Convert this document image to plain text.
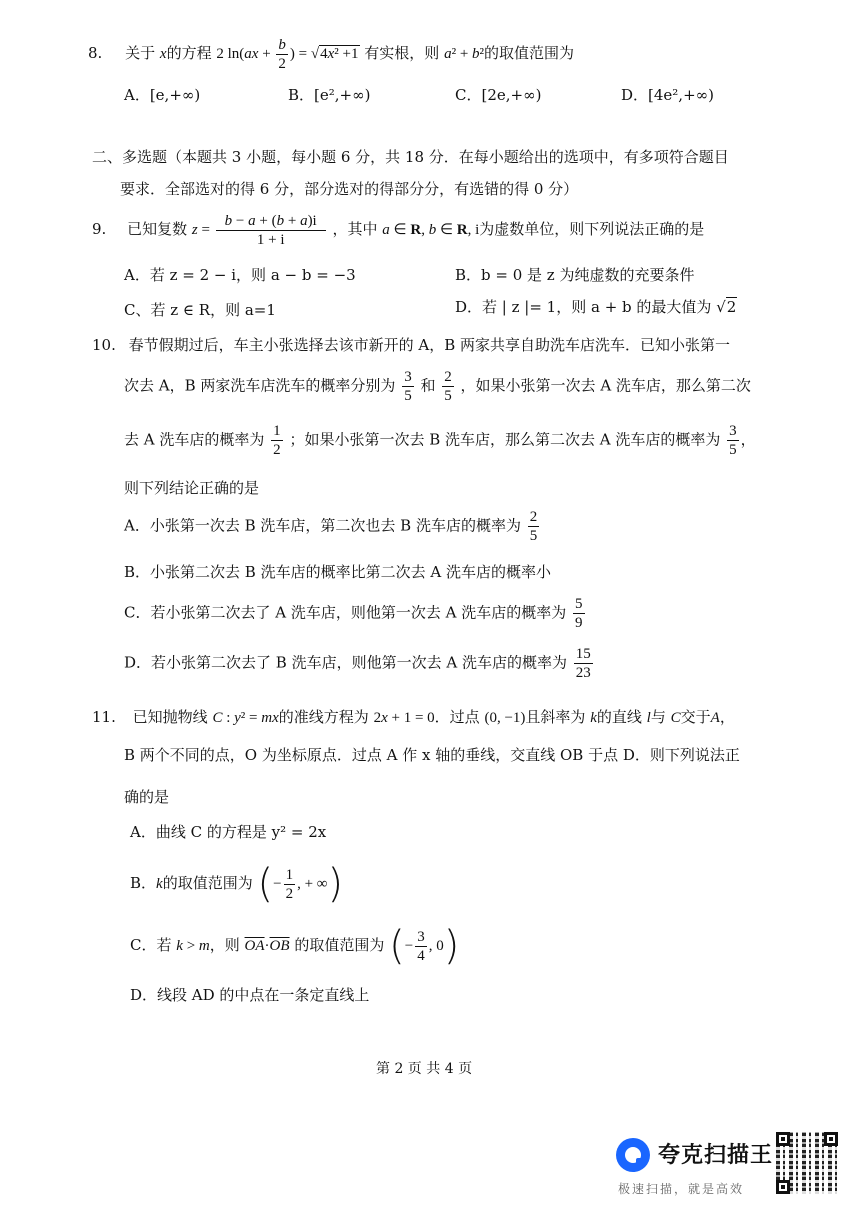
8. 关于 x的方程 2 $\ln(ax + \frac{b}{2}$ ) = √4x² +1 有实根，则 a² + b²的取值范围为
A．[e,+∞)	B．[e²,+∞)	C．[2e,+∞)	D．[4e²,+∞)
二、多选题（本题共 3 小题，每小题 6 分，共 18 分．在每小题给出的选项中，有多项符合题目
要求．全部选对的得 6 分，部分选对的得部分分，有选错的得 0 分）
9. 已知复数 $z = \frac{b - a + (b + a)i}{1 + i}$ ，其中 a ∈ R, b ∈ R, i为虚数单位，则下列说法正确的是
A．若 z = 2 − i，则 a − b = −3	B．b = 0 是 z 为纯虚数的充要条件
C、若 z ∈ R，则 a=1	D．若 | z |= 1，则 a + b 的最大值为 √2
10. 春节假期过后，车主小张选择去该市新开的 A，B 两家共享自助洗车店洗车．已知小张第一
次去 A，B 两家洗车店洗车的概率分别为 $\frac{3}{5}$ 和 $\frac{2}{5}$ ，如果小张第一次去 A 洗车店，那么第二次
去 A 洗车店的概率为 $\frac{1}{2}$ ；如果小张第一次去 B 洗车店，那么第二次去 A 洗车店的概率为 $\frac{3}{5}$ ，
则下列结论正确的是
A．小张第一次去 B 洗车店，第二次也去 B 洗车店的概率为 $\frac{2}{5}$
B．小张第二次去 B 洗车店的概率比第二次去 A 洗车店的概率小
C．若小张第二次去了 A 洗车店，则他第一次去 A 洗车店的概率为 $\frac{5}{9}$
D．若小张第二次去了 B 洗车店，则他第一次去 A 洗车店的概率为 $\frac{15}{23}$
11. 已知抛物线 C : y² = mx的准线方程为 2x + 1 = 0．过点 (0, −1)且斜率为 k的直线 l与 C交于A，
B 两个不同的点，O 为坐标原点．过点 A 作 x 轴的垂线，交直线 OB 于点 D．则下列说法正
确的是
A．曲线 C 的方程是 y² = 2x
B．k的取值范围为 (− $\frac{1}{2}$ , + ∞)
C．若 k > m，则 $\overline{OA}\cdot\overline{OB}$ 的取值范围为 (− $\frac{3}{4}$ , 0)
D．线段 AD 的中点在一条定直线上
第 2 页 共 4 页
夸克扫描王
极速扫描，就是高效
